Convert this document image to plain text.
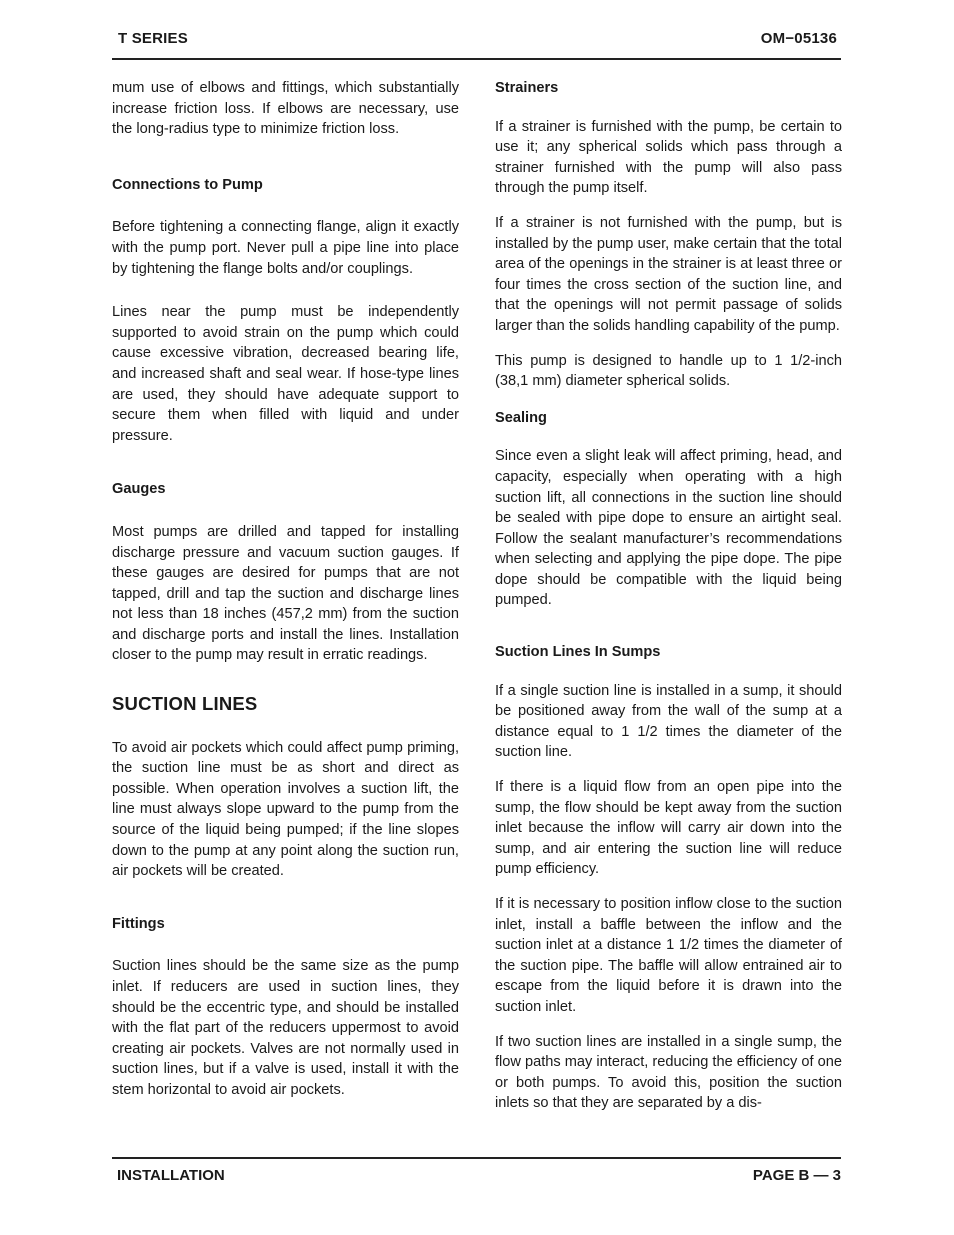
T SERIES	OM−05136

mum use of elbows and fittings, which substantially increase friction loss. If elbows are necessary, use the long-radius type to minimize friction loss.

Connections to Pump

Before tightening a connecting flange, align it exactly with the pump port. Never pull a pipe line into place by tightening the flange bolts and/or couplings.

Lines near the pump must be independently supported to avoid strain on the pump which could cause excessive vibration, decreased bearing life, and increased shaft and seal wear. If hose-type lines are used, they should have adequate support to secure them when filled with liquid and under pressure.

Gauges

Most pumps are drilled and tapped for installing discharge pressure and vacuum suction gauges. If these gauges are desired for pumps that are not tapped, drill and tap the suction and discharge lines not less than 18 inches (457,2 mm) from the suction and discharge ports and install the lines. Installation closer to the pump may result in erratic readings.

SUCTION LINES

To avoid air pockets which could affect pump priming, the suction line must be as short and direct as possible. When operation involves a suction lift, the line must always slope upward to the pump from the source of the liquid being pumped; if the line slopes down to the pump at any point along the suction run, air pockets will be created.

Fittings

Suction lines should be the same size as the pump inlet. If reducers are used in suction lines, they should be the eccentric type, and should be installed with the flat part of the reducers uppermost to avoid creating air pockets. Valves are not normally used in suction lines, but if a valve is used, install it with the stem horizontal to avoid air pockets.

Strainers

If a strainer is furnished with the pump, be certain to use it; any spherical solids which pass through a strainer furnished with the pump will also pass through the pump itself.

If a strainer is not furnished with the pump, but is installed by the pump user, make certain that the total area of the openings in the strainer is at least three or four times the cross section of the suction line, and that the openings will not permit passage of solids larger than the solids handling capability of the pump.

This pump is designed to handle up to 1 1/2-inch (38,1 mm) diameter spherical solids.

Sealing

Since even a slight leak will affect priming, head, and capacity, especially when operating with a high suction lift, all connections in the suction line should be sealed with pipe dope to ensure an airtight seal. Follow the sealant manufacturer’s recommendations when selecting and applying the pipe dope. The pipe dope should be compatible with the liquid being pumped.

Suction Lines In Sumps

If a single suction line is installed in a sump, it should be positioned away from the wall of the sump at a distance equal to 1 1/2 times the diameter of the suction line.

If there is a liquid flow from an open pipe into the sump, the flow should be kept away from the suction inlet because the inflow will carry air down into the sump, and air entering the suction line will reduce pump efficiency.

If it is necessary to position inflow close to the suction inlet, install a baffle between the inflow and the suction inlet at a distance 1 1/2 times the diameter of the suction pipe. The baffle will allow entrained air to escape from the liquid before it is drawn into the suction inlet.

If two suction lines are installed in a single sump, the flow paths may interact, reducing the efficiency of one or both pumps. To avoid this, position the suction inlets so that they are separated by a dis-

INSTALLATION	PAGE B — 3
